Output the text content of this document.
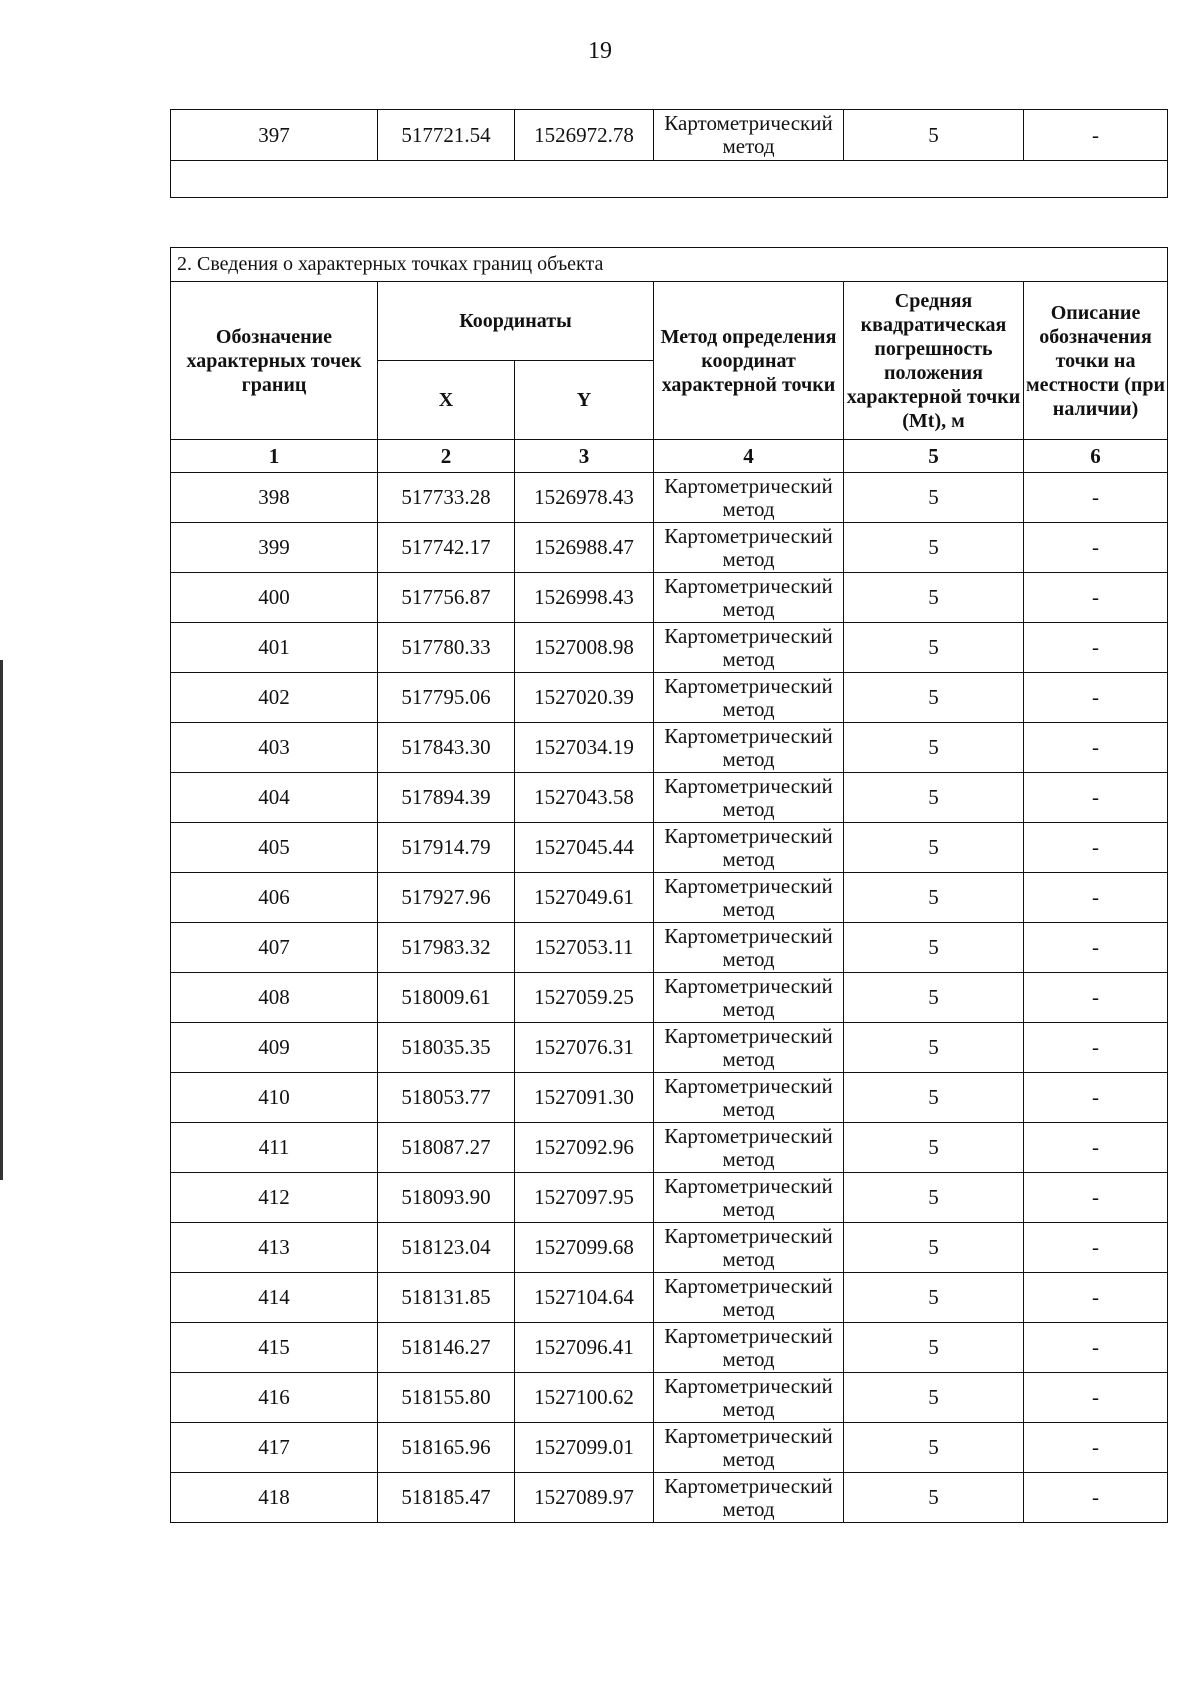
19
397	517721.54	1526972.78	Картометрический метод	5	-

2. Сведения о характерных точках границ объекта					
Обозначение характерных точек границ	Координаты		Метод определения координат характерной точки	Средняя квадратическая погрешность положения характерной точки (Mt), м	Описание обозначения точки на местности (при наличии)
	X	Y			
1	2	3	4	5	6
398	517733.28	1526978.43	Картометрический метод	5	-
399	517742.17	1526988.47	Картометрический метод	5	-
400	517756.87	1526998.43	Картометрический метод	5	-
401	517780.33	1527008.98	Картометрический метод	5	-
402	517795.06	1527020.39	Картометрический метод	5	-
403	517843.30	1527034.19	Картометрический метод	5	-
404	517894.39	1527043.58	Картометрический метод	5	-
405	517914.79	1527045.44	Картометрический метод	5	-
406	517927.96	1527049.61	Картометрический метод	5	-
407	517983.32	1527053.11	Картометрический метод	5	-
408	518009.61	1527059.25	Картометрический метод	5	-
409	518035.35	1527076.31	Картометрический метод	5	-
410	518053.77	1527091.30	Картометрический метод	5	-
411	518087.27	1527092.96	Картометрический метод	5	-
412	518093.90	1527097.95	Картометрический метод	5	-
413	518123.04	1527099.68	Картометрический метод	5	-
414	518131.85	1527104.64	Картометрический метод	5	-
415	518146.27	1527096.41	Картометрический метод	5	-
416	518155.80	1527100.62	Картометрический метод	5	-
417	518165.96	1527099.01	Картометрический метод	5	-
418	518185.47	1527089.97	Картометрический метод	5	-
